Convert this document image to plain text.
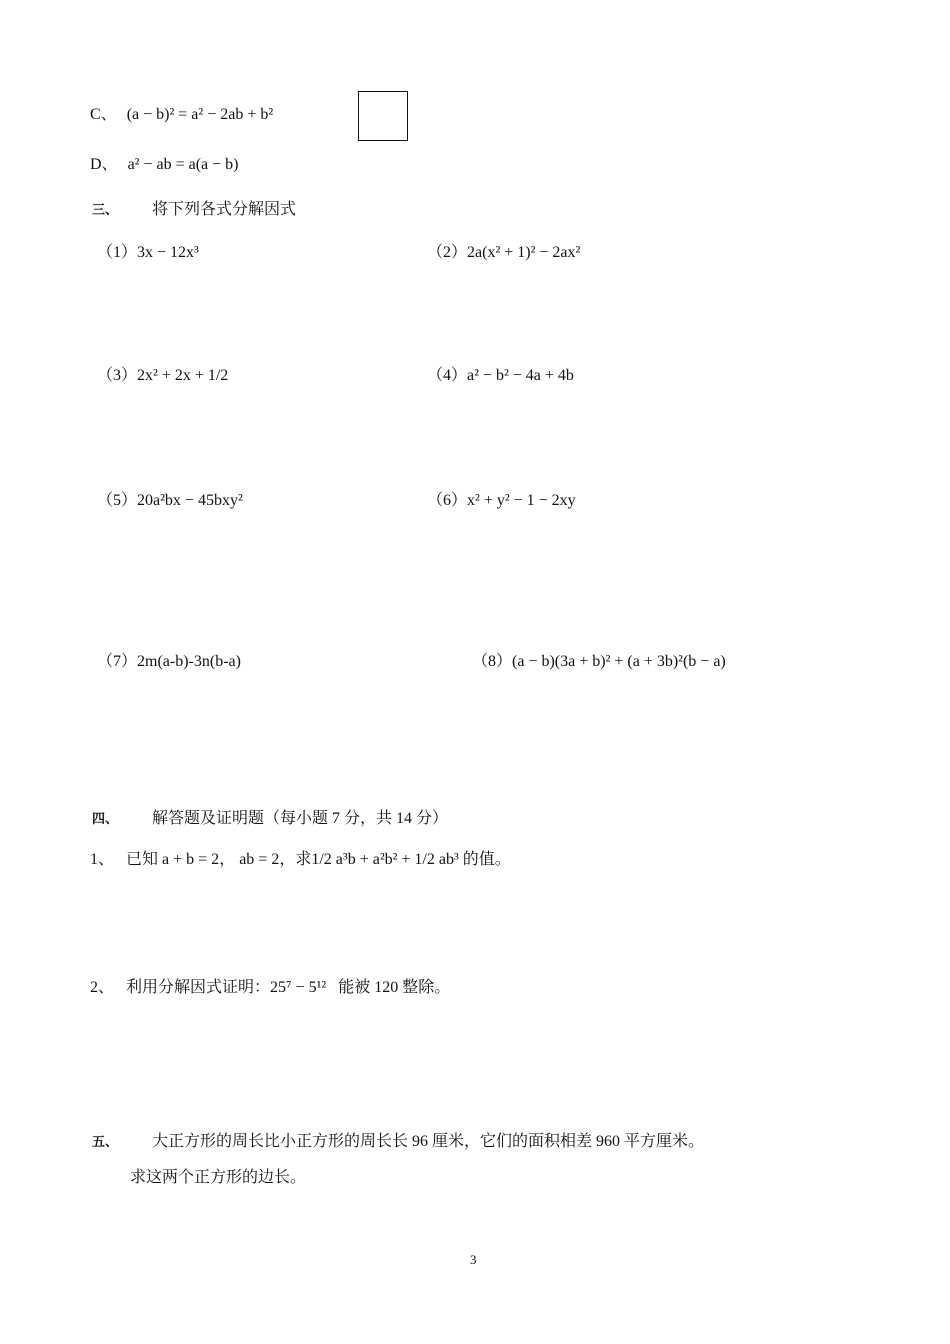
C、 (a − b)² = a² − 2ab + b²
D、 a² − ab = a(a − b)
三、 将下列各式分解因式
（1）3x − 12x³	（2）2a(x² + 1)² − 2ax²
（3）2x² + 2x + 1/2	（4）a² − b² − 4a + 4b
（5）20a²bx − 45bxy²	（6）x² + y² − 1 − 2xy
（7）2m(a-b)-3n(b-a)	（8）(a − b)(3a + b)² + (a + 3b)²(b − a)
四、 解答题及证明题（每小题 7 分，共 14 分）
1、 已知 a + b = 2， ab = 2，求1/2 a³b + a²b² + 1/2 ab³ 的值。
2、 利用分解因式证明：25⁷ − 5¹² 能被 120 整除。
五、 大正方形的周长比小正方形的周长长 96 厘米，它们的面积相差 960 平方厘米。
求这两个正方形的边长。
3
